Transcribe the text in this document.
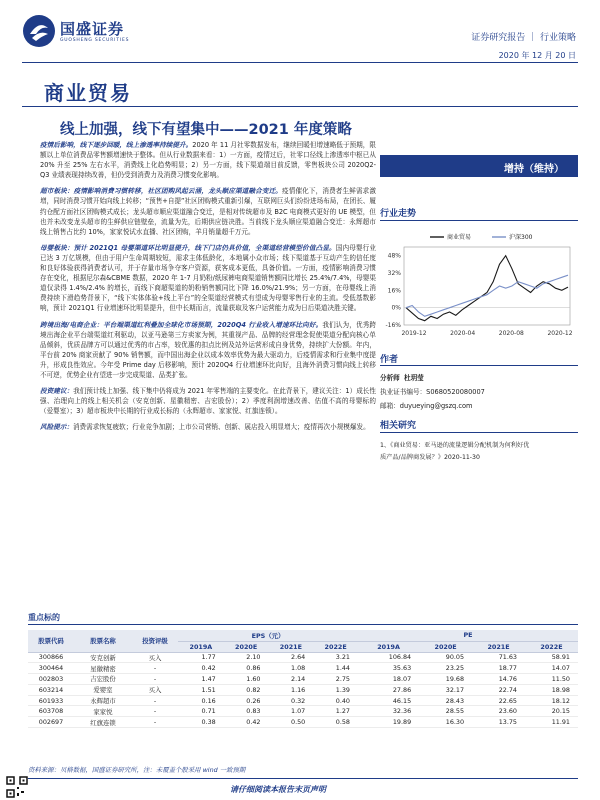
国盛证券
GUOSHENG SECURITIES	证券研究报告 ｜ 行业策略
2020 年 12 月 20 日
商业贸易
线上加强，线下有望集中——2021 年度策略

疫情后影响，线下逐步回暖，线上渗透率持续提升。2020 年 11 月社零数据发布，继续回暖但增速略低于预期，限额以上单位消费品零售额增速快于整体。但从行业数据来看：1）一方面，疫情过后，社零口径线上渗透率中枢已从 20% 升至 25% 左右水平，消费线上化趋势明显；2）另一方面，线下渠道端目前反馈，零售板块公司 2020Q2-Q3 业绩表现持续改善，但仍受到消费力及消费习惯变化影响。

超市板块：疫情影响消费习惯转移，社区团购风起云涌，龙头顺应渠道融合变迁。疫情催化下，消费者生鲜需求激增，同时消费习惯开始向线上转移；“预售+自提”社区团购模式重新引爆，互联网巨头们纷纷进场布局，在团长、履约仓配方面社区团购模式成长；龙头超市顺应渠道融合变迁，是相对传统超市及 B2C 电商模式更好的 UE 模型，但也并未改变龙头超市的生鲜供应链壁垒，流量为先，后期供应链决胜。当前线下龙头顺应渠道融合变迁：永辉超市线上销售占比约 10%，家家悦试水直播、社区团购，羊月销量超千万元。

母婴板块：预计 2021Q1 母婴渠道环比明显提升，线下门店仍具价值，全渠道经营模型价值凸显。国内母婴行业已达 3 万亿规模，但由于用户生命周期较短，需求主体低龄化，本地属小众市场；线下渠道基于互动产生的信任度和良好体验获得消费者认可，并于存量市场争夺客户资源，获客成本更低，具备价值。一方面，疫情影响消费习惯存在变化，根据尼尔森&CBME 数据，2020 年 1-7 月奶粉/纸尿裤电商渠道销售额同比增长 25.4%/7.4%，母婴渠道仅录得 1.4%/2.4% 的增长，而线下商超渠道的奶粉销售额同比下降 16.0%/21.9%；另一方面，在母婴线上消费持续下滑趋势背景下，“线下实体体验+线上平台”的全渠道经营模式有望成为母婴零售行业的主流。受低基数影响，预计 2021Q1 行业增速环比明显提升，但中长期而言，流量获取及客户运营能力成为日后渠道决胜关键。

跨境出海/电商企业：平台端渠道红利叠加全球化市场预期，2020Q4 行业收入增速环比向好。我们认为，优秀跨境出海企业平台端渠道红利驱动，以亚马逊第三方卖家为例，其重视产品、品牌的经营理念促使渠道分配向核心单品倾斜，优质品牌方可以通过优秀的市占率，较优惠的扣点比例及站外运营形成自身优势，持续扩大份额。年内，平台前 20% 商家贡献了 90% 销售额，而中国出海企业以成本效率优势为最大驱动力，后疫情需求和行业集中度提升，形成良性效应。今年受 Prime day 后移影响，预计 2020Q4 行业增速环比向好，且海外消费习惯向线上转移不可逆，优势企业有望进一步完成渠道、品类扩张。

投资建议：我们预计线上加强、线下集中仍将成为 2021 年零售端的主要变化。在此背景下，建议关注：1）成长性强、治理向上的线上相关机会（安克创新、星徽精密、吉宏股份）；2）季度利润增速改善、估值不高的母婴标的（爱婴室）；3）超市板块中长期的行业成长标的（永辉超市、家家悦、红旗连锁）。

风险提示：消费需求恢复疲软；行业竞争加剧；上市公司营销、创新、展店投入明显增大；疫情再次小规模爆发。

增持（维持）
行业走势
-16%
0%
16%
32%
48%
2019-12	2020-04	2020-08	2020-12
商业贸易	沪深300
作者
分析师 杜玥莹
执业证书编号：S0680520080007
邮箱：duyueying@gszq.com
相关研究
1、《商业贸易：亚马逊的流量逻辑分配机制为何利好优
质产品/品牌商发展？》2020-11-30
重点标的
股票代码	股票名称	投资评级	EPS（元）				PE			
			2019A	2020E	2021E	2022E	2019A	2020E	2021E	2022E
300866	安克创新	买入	1.77	2.10	2.64	3.21	106.84	90.05	71.63	58.91
300464	星徽精密	-	0.42	0.86	1.08	1.44	35.63	23.25	18.77	14.07
002803	吉宏股份	-	1.47	1.60	2.14	2.75	18.07	19.68	14.76	11.50
603214	爱婴室	买入	1.51	0.82	1.16	1.39	27.86	32.17	22.74	18.98
601933	永辉超市	-	0.16	0.26	0.32	0.40	46.15	28.43	22.65	18.12
603708	家家悦	-	0.71	0.83	1.07	1.27	32.36	28.55	23.60	20.15
002697	红旗连锁	-	0.38	0.42	0.50	0.58	19.89	16.30	13.75	11.91
资料来源：贝格数据，国盛证券研究所，注：未覆盖个股采用 wind 一致预期
请仔细阅读本报告末页声明
